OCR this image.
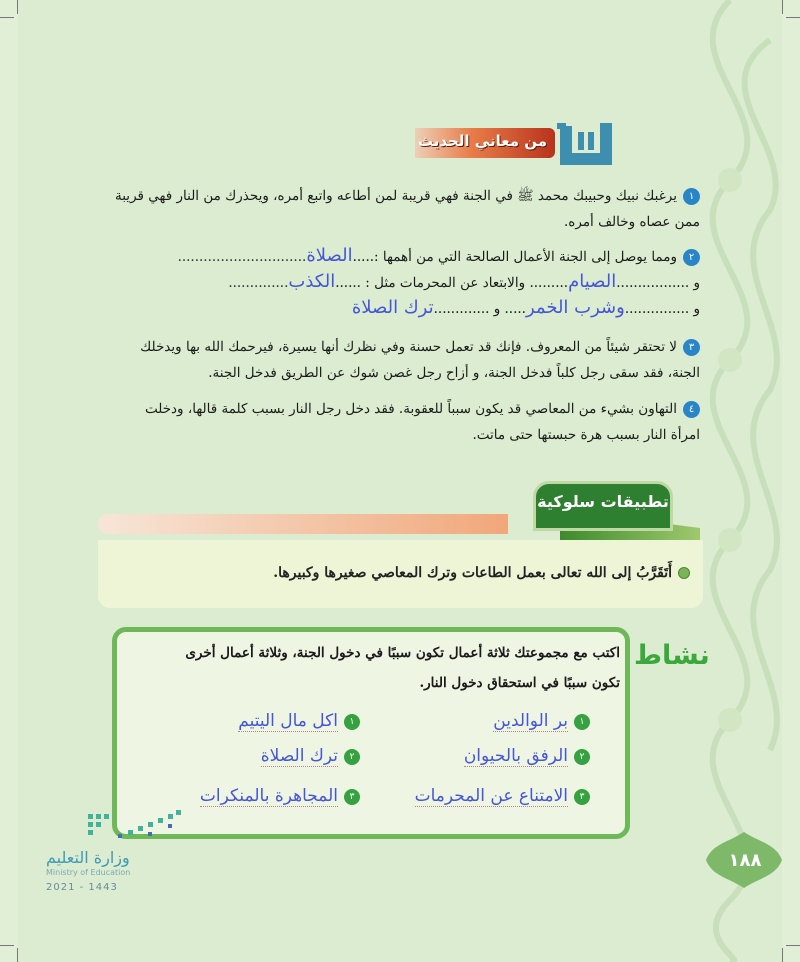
من معاني الحديث
١يرغبك نبيك وحبيبك محمد ﷺ في الجنة فهي قريبة لمن أطاعه واتبع أمره، ويحذرك من النار فهي قريبة
ممن عصاه وخالف أمره.
٢ومما يوصل إلى الجنة الأعمال الصالحة التي من أهمها :.....الصلاة..............................
و .................الصيام......... والابتعاد عن المحرمات مثل : ......الكذب..............
و ...............وشرب الخمر..... و .............ترك الصلاة
٣لا تحتقر شيئاً من المعروف. فإنك قد تعمل حسنة وفي نظرك أنها يسيرة، فيرحمك الله بها ويدخلك
الجنة، فقد سقى رجل كلباً فدخل الجنة، و أزاح رجل غصن شوك عن الطريق فدخل الجنة.
٤التهاون بشيء من المعاصي قد يكون سبباً للعقوبة. فقد دخل رجل النار بسبب كلمة قالها، ودخلت
امرأة النار بسبب هرة حبستها حتى ماتت.
تطبيقات سلوكية
أَتَقَرَّبُ إلى الله تعالى بعمل الطاعات وترك المعاصي صغيرها وكبيرها.
نشاط
اكتب مع مجموعتك ثلاثة أعمال تكون سببًا في دخول الجنة، وثلاثة أعمال أخرى
تكون سببًا في استحقاق دخول النار.
١بر الوالدين
٢الرفق بالحيوان
٣الامتناع عن المحرمات
١اكل مال اليتيم
٢ترك الصلاة
٣المجاهرة بالمنكرات
وزارة التعليم
Ministry of Education
2021 - 1443
١٨٨
